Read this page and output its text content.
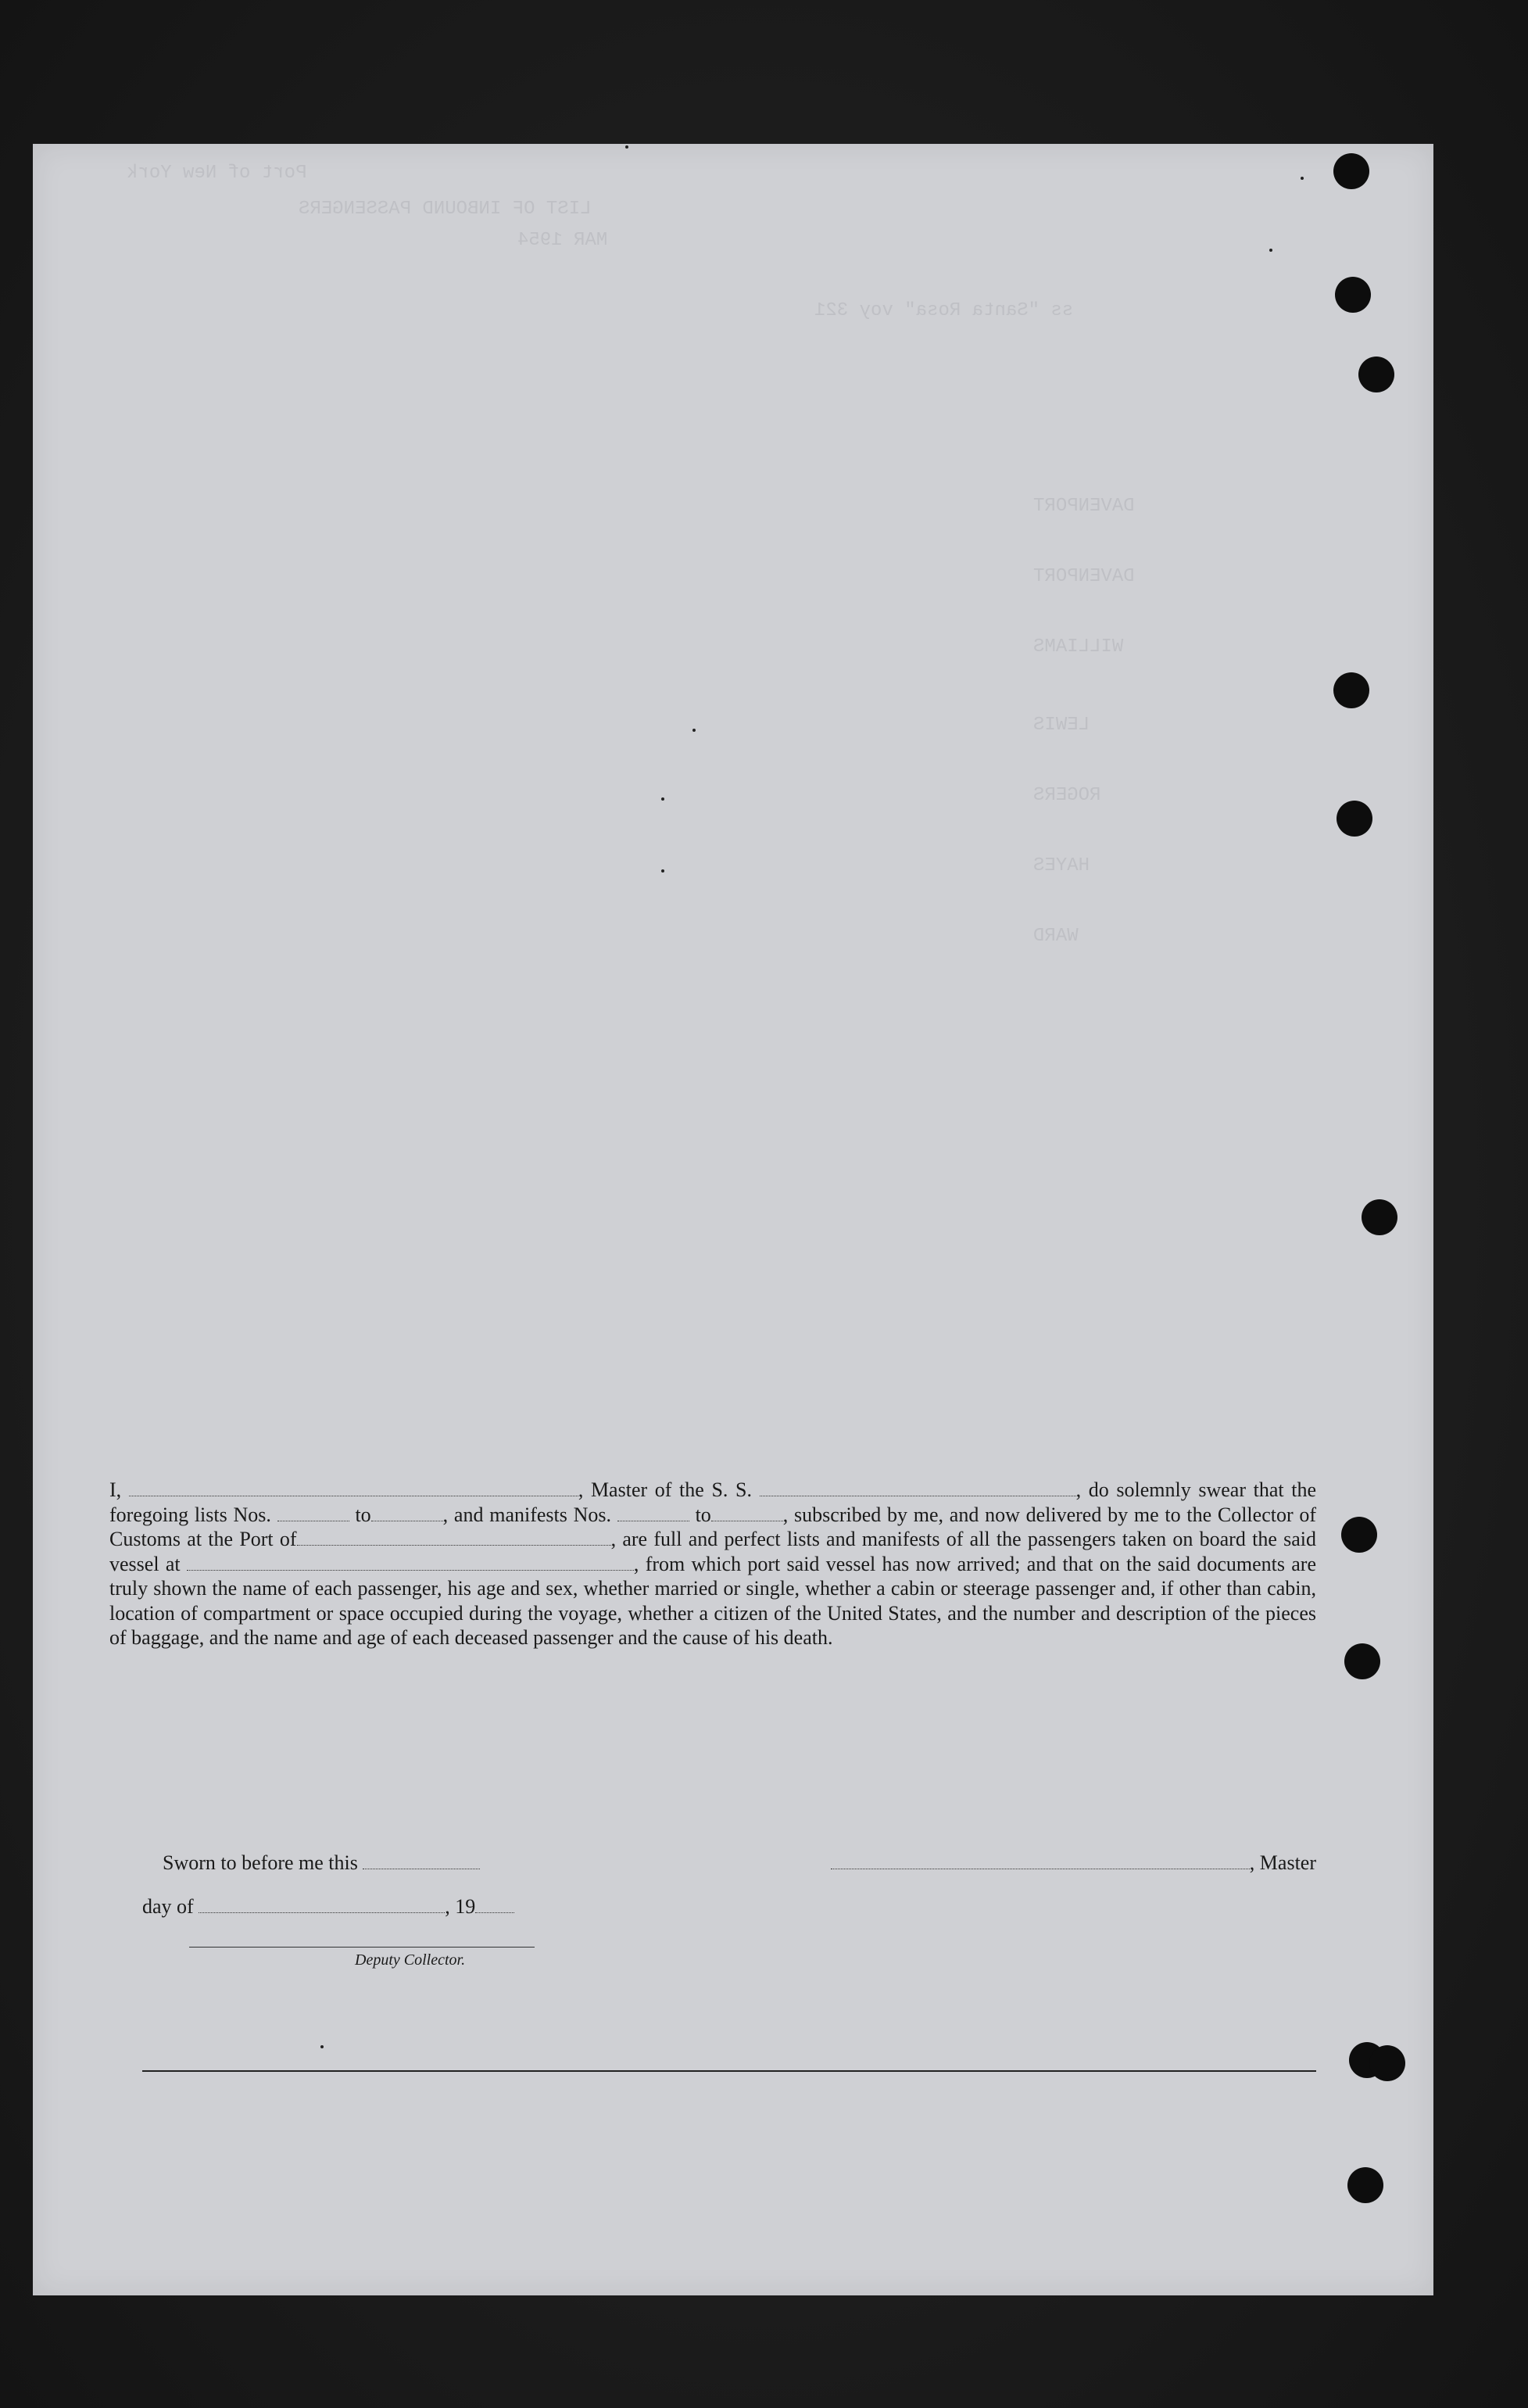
Port of New York
LIST OF INBOUND PASSENGERS
MAR 1954
ss "Santa Rosa" voy 321
DAVENPORT
DAVENPORT
WILLIAMS
LEWIS
ROGERS
HAYES
WARD
I,	, Master of the S. S.	, do solemnly swear that the foregoing lists Nos.	to	, and manifests Nos.	to	, subscribed by me, and now delivered by me to the Collector of Customs at the Port of	, are full and perfect lists and manifests of all the passengers taken on board the said vessel at	, from which port said vessel has now arrived; and that on the said documents are truly shown the name of each passenger, his age and sex, whether married or single, whether a cabin or steerage passenger and, if other than cabin, location of compartment or space occupied during the voyage, whether a citizen of the United States, and the number and description of the pieces of baggage, and the name and age of each deceased passenger and the cause of his death.
Sworn to before me this	, Master
day of	, 19
Deputy Collector.
